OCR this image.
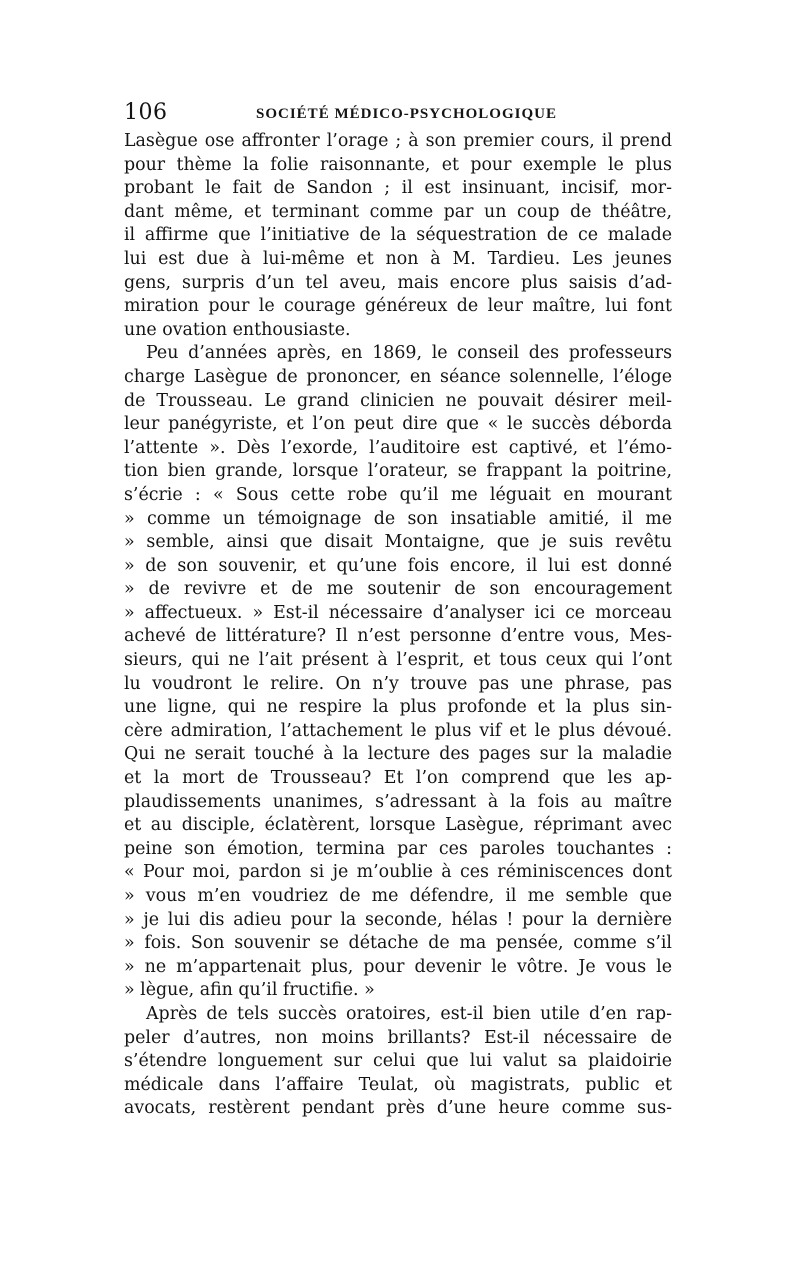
106	SOCIÉTÉ MÉDICO-PSYCHOLOGIQUE
Lasègue ose affronter l’orage ; à son premier cours, il prend
pour thème la folie raisonnante, et pour exemple le plus
probant le fait de Sandon ; il est insinuant, incisif, mor-
dant même, et terminant comme par un coup de théâtre,
il affirme que l’initiative de la séquestration de ce malade
lui est due à lui-même et non à M. Tardieu. Les jeunes
gens, surpris d’un tel aveu, mais encore plus saisis d’ad-
miration pour le courage généreux de leur maître, lui font
une ovation enthousiaste.
Peu d’années après, en 1869, le conseil des professeurs
charge Lasègue de prononcer, en séance solennelle, l’éloge
de Trousseau. Le grand clinicien ne pouvait désirer meil-
leur panégyriste, et l’on peut dire que « le succès déborda
l’attente ». Dès l’exorde, l’auditoire est captivé, et l’émo-
tion bien grande, lorsque l’orateur, se frappant la poitrine,
s’écrie : « Sous cette robe qu’il me léguait en mourant
» comme un témoignage de son insatiable amitié, il me
» semble, ainsi que disait Montaigne, que je suis revêtu
» de son souvenir, et qu’une fois encore, il lui est donné
» de revivre et de me soutenir de son encouragement
» affectueux. » Est-il nécessaire d’analyser ici ce morceau
achevé de littérature? Il n’est personne d’entre vous, Mes-
sieurs, qui ne l’ait présent à l’esprit, et tous ceux qui l’ont
lu voudront le relire. On n’y trouve pas une phrase, pas
une ligne, qui ne respire la plus profonde et la plus sin-
cère admiration, l’attachement le plus vif et le plus dévoué.
Qui ne serait touché à la lecture des pages sur la maladie
et la mort de Trousseau? Et l’on comprend que les ap-
plaudissements unanimes, s’adressant à la fois au maître
et au disciple, éclatèrent, lorsque Lasègue, réprimant avec
peine son émotion, termina par ces paroles touchantes :
« Pour moi, pardon si je m’oublie à ces réminiscences dont
» vous m’en voudriez de me défendre, il me semble que
» je lui dis adieu pour la seconde, hélas ! pour la dernière
» fois. Son souvenir se détache de ma pensée, comme s’il
» ne m’appartenait plus, pour devenir le vôtre. Je vous le
» lègue, afin qu’il fructifie. »
Après de tels succès oratoires, est-il bien utile d’en rap-
peler d’autres, non moins brillants? Est-il nécessaire de
s’étendre longuement sur celui que lui valut sa plaidoirie
médicale dans l’affaire Teulat, où magistrats, public et
avocats, restèrent pendant près d’une heure comme sus-
